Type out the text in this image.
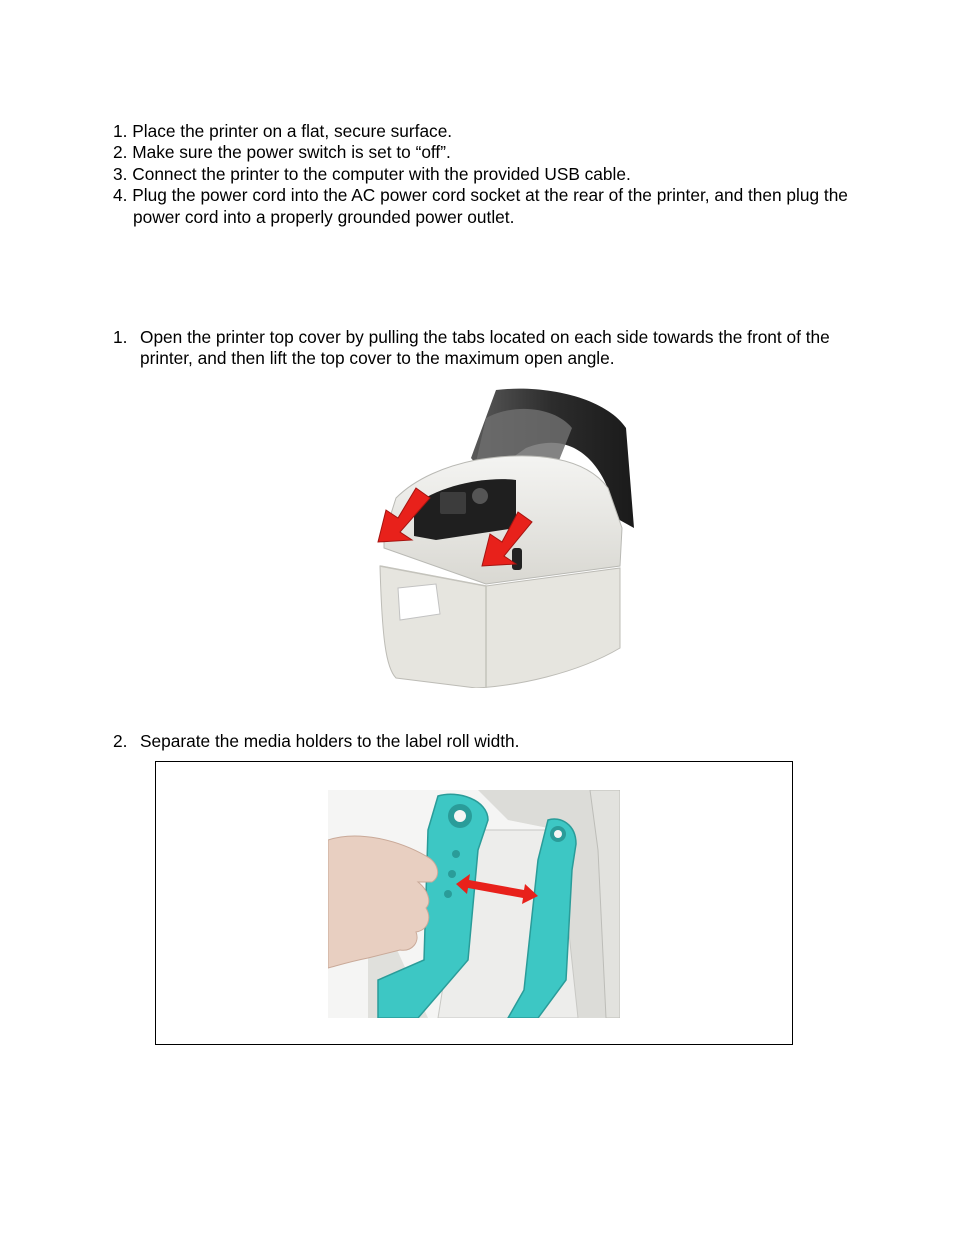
1. Place the printer on a flat, secure surface.
2. Make sure the power switch is set to “off”.
3. Connect the printer to the computer with the provided USB cable.
4. Plug the power cord into the AC power cord socket at the rear of the printer, and then plug the
power cord into a properly grounded power outlet.
1. Open the printer top cover by pulling the tabs located on each side towards the front of the
printer, and then lift the top cover to the maximum open angle.
2. Separate the media holders to the label roll width.
